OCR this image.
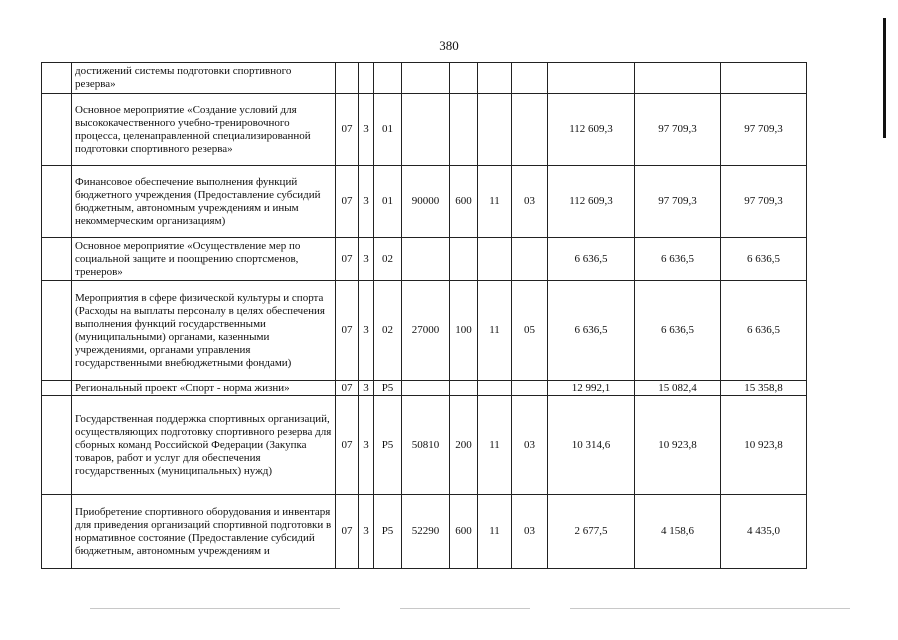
380
	достижений системы подготовки спортивного резерва»										
	Основное мероприятие «Создание условий для высококачественного учебно-тренировочного процесса, целенаправленной специализированной подготовки спортивного резерва»	07	3	01					112 609,3	97 709,3	97 709,3
	Финансовое обеспечение выполнения функций бюджетного учреждения (Предоставление субсидий бюджетным, автономным учреждениям и иным некоммерческим организациям)	07	3	01	90000	600	11	03	112 609,3	97 709,3	97 709,3
	Основное мероприятие «Осуществление мер по социальной защите и поощрению спортсменов, тренеров»	07	3	02					6 636,5	6 636,5	6 636,5
	Мероприятия в сфере физической культуры и спорта (Расходы на выплаты персоналу в целях обеспечения выполнения функций государственными (муниципальными) органами, казенными учреждениями, органами управления государственными внебюджетными фондами)	07	3	02	27000	100	11	05	6 636,5	6 636,5	6 636,5
	Региональный проект «Спорт - норма жизни»	07	3	P5					12 992,1	15 082,4	15 358,8
	Государственная поддержка спортивных организаций, осуществляющих подготовку спортивного резерва для сборных команд Российской Федерации (Закупка товаров, работ и услуг для обеспечения государственных (муниципальных) нужд)	07	3	P5	50810	200	11	03	10 314,6	10 923,8	10 923,8
	Приобретение спортивного оборудования и инвентаря для приведения организаций спортивной подготовки в нормативное состояние (Предоставление субсидий бюджетным, автономным учреждениям и	07	3	P5	52290	600	11	03	2 677,5	4 158,6	4 435,0
